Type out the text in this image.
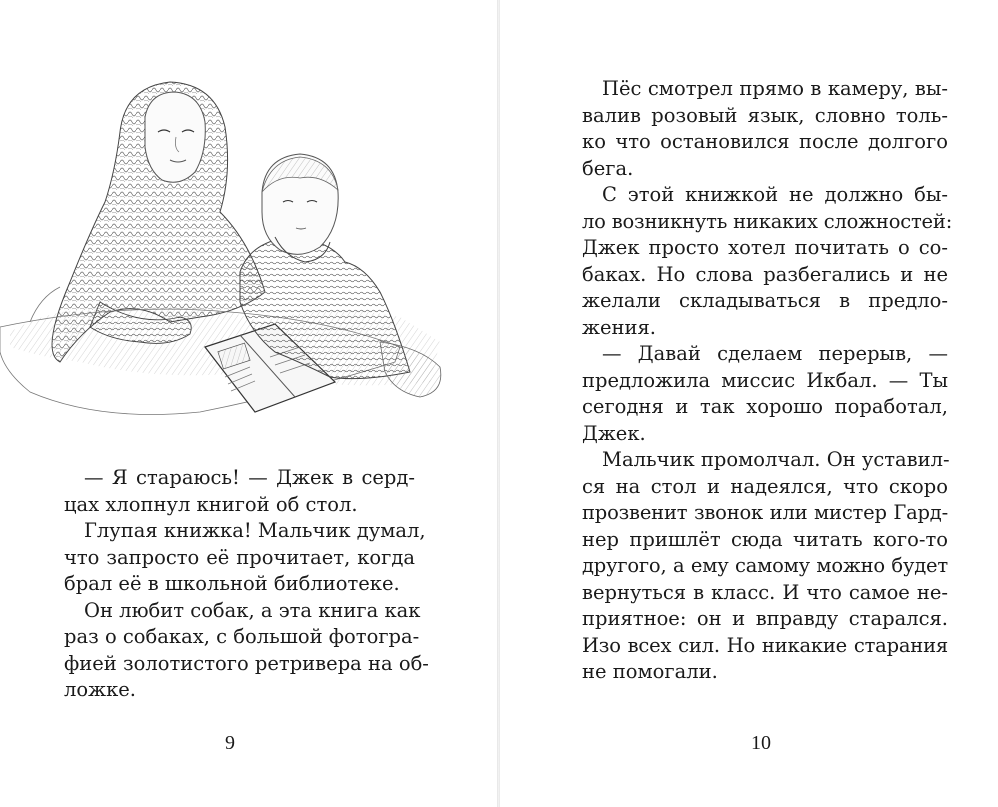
— Я стараюсь! — Джек в серд-
цах хлопнул книгой об стол.
Глупая книжка! Мальчик думал,
что запросто её прочитает, когда
брал её в школьной библиотеке.
Он любит собак, а эта книга как
раз о собаках, с большой фотогра-
фией золотистого ретривера на об-
ложке.
9
Пёс смотрел прямо в камеру, вы-
валив розовый язык, словно толь-
ко что остановился после долгого
бега.
С этой книжкой не должно бы-
ло возникнуть никаких сложностей:
Джек просто хотел почитать о со-
баках. Но слова разбегались и не
желали складываться в предло-
жения.
— Давай сделаем перерыв, —
предложила миссис Икбал. — Ты
сегодня и так хорошо поработал,
Джек.
Мальчик промолчал. Он уставил-
ся на стол и надеялся, что скоро
прозвенит звонок или мистер Гард-
нер пришлёт сюда читать кого-то
другого, а ему самому можно будет
вернуться в класс. И что самое не-
приятное: он и вправду старался.
Изо всех сил. Но никакие старания
не помогали.
10
